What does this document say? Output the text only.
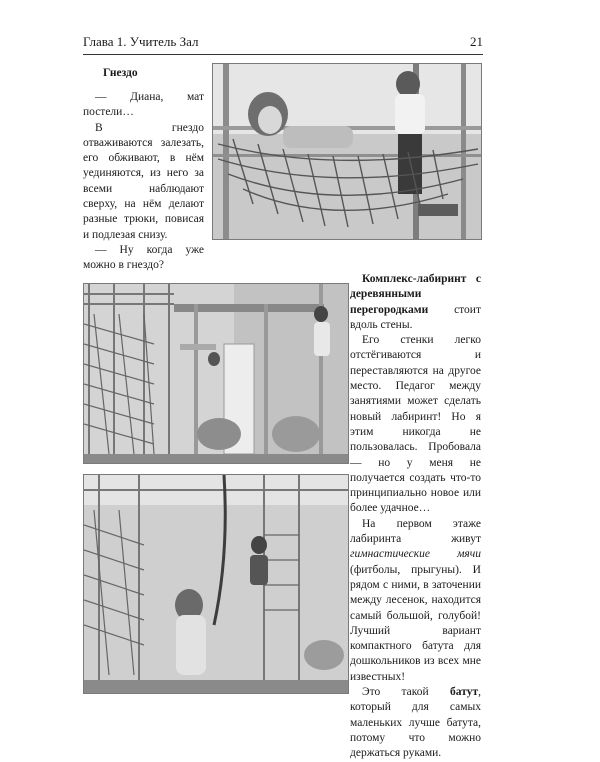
Глава 1. Учитель Зал	21
Гнездо

— Диана, мат постели…

В гнездо отваживаются залезать, его обживают, в нём уединяются, из него за всеми наблюдают сверху, на нём делают разные трюки, повисая и подлезая снизу.

— Ну когда уже можно в гнездо?

Комплекс-лабиринт с деревянными перегородками стоит вдоль стены.

Его стенки легко отстёгиваются и переставляются на другое место. Педагог между занятиями может сделать новый лабиринт! Но я этим никогда не пользовалась. Пробовала — но у меня не получается создать что-то принципиально новое или более удачное…

На первом этаже лабиринта живут гимнастические мячи (фитболы, прыгуны). И рядом с ними, в заточении между лесенок, находится самый большой, голубой! Лучший вариант компактного батута для дошкольников из всех мне известных!

Это такой батут, который для самых маленьких лучше батута, потому что можно держаться руками.
